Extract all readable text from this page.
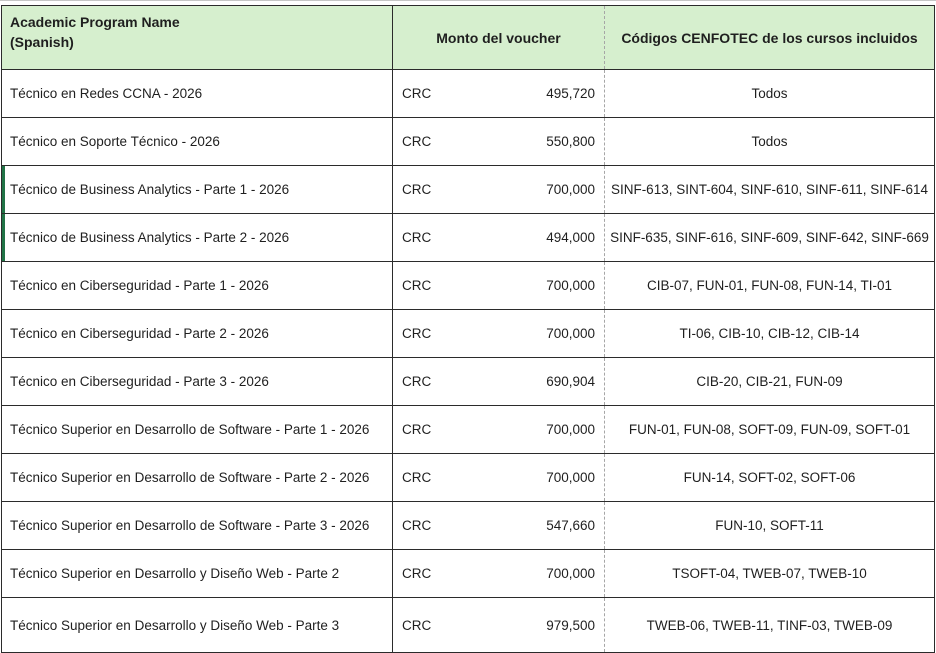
Academic Program Name
(Spanish)	Monto del voucher	Códigos CENFOTEC de los cursos incluidos
Técnico en Redes CCNA - 2026	CRC 495,720	Todos
Técnico en Soporte Técnico - 2026	CRC 550,800	Todos
Técnico de Business Analytics - Parte 1 - 2026	CRC 700,000	SINF-613, SINT-604, SINF-610, SINF-611, SINF-614
Técnico de Business Analytics - Parte 2 - 2026	CRC 494,000	SINF-635, SINF-616, SINF-609, SINF-642, SINF-669
Técnico en Ciberseguridad - Parte 1 - 2026	CRC 700,000	CIB-07, FUN-01, FUN-08, FUN-14, TI-01
Técnico en Ciberseguridad - Parte 2 - 2026	CRC 700,000	TI-06, CIB-10, CIB-12, CIB-14
Técnico en Ciberseguridad - Parte 3 - 2026	CRC 690,904	CIB-20, CIB-21, FUN-09
Técnico Superior en Desarrollo de Software - Parte 1 - 2026	CRC 700,000	FUN-01, FUN-08, SOFT-09, FUN-09, SOFT-01
Técnico Superior en Desarrollo de Software - Parte 2 - 2026	CRC 700,000	FUN-14, SOFT-02, SOFT-06
Técnico Superior en Desarrollo de Software - Parte 3 - 2026	CRC 547,660	FUN-10, SOFT-11
Técnico Superior en Desarrollo y Diseño Web - Parte 2	CRC 700,000	TSOFT-04, TWEB-07, TWEB-10
Técnico Superior en Desarrollo y Diseño Web - Parte 3	CRC 979,500	TWEB-06, TWEB-11, TINF-03, TWEB-09
